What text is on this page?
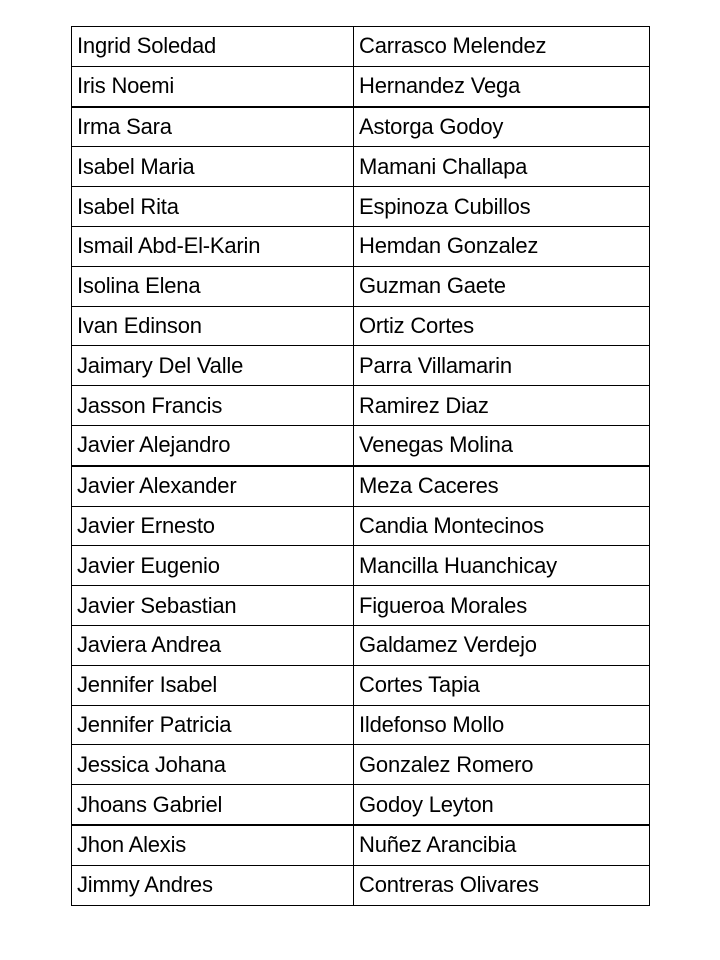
Ingrid Soledad	Carrasco Melendez
Iris Noemi	Hernandez Vega
Irma Sara	Astorga Godoy
Isabel Maria	Mamani Challapa
Isabel Rita	Espinoza Cubillos
Ismail Abd-El-Karin	Hemdan Gonzalez
Isolina Elena	Guzman Gaete
Ivan Edinson	Ortiz Cortes
Jaimary Del Valle	Parra Villamarin
Jasson Francis	Ramirez Diaz
Javier Alejandro	Venegas Molina
Javier Alexander	Meza Caceres
Javier Ernesto	Candia Montecinos
Javier Eugenio	Mancilla Huanchicay
Javier Sebastian	Figueroa Morales
Javiera Andrea	Galdamez Verdejo
Jennifer Isabel	Cortes Tapia
Jennifer Patricia	Ildefonso Mollo
Jessica Johana	Gonzalez Romero
Jhoans Gabriel	Godoy Leyton
Jhon Alexis	Nuñez Arancibia
Jimmy Andres	Contreras Olivares
